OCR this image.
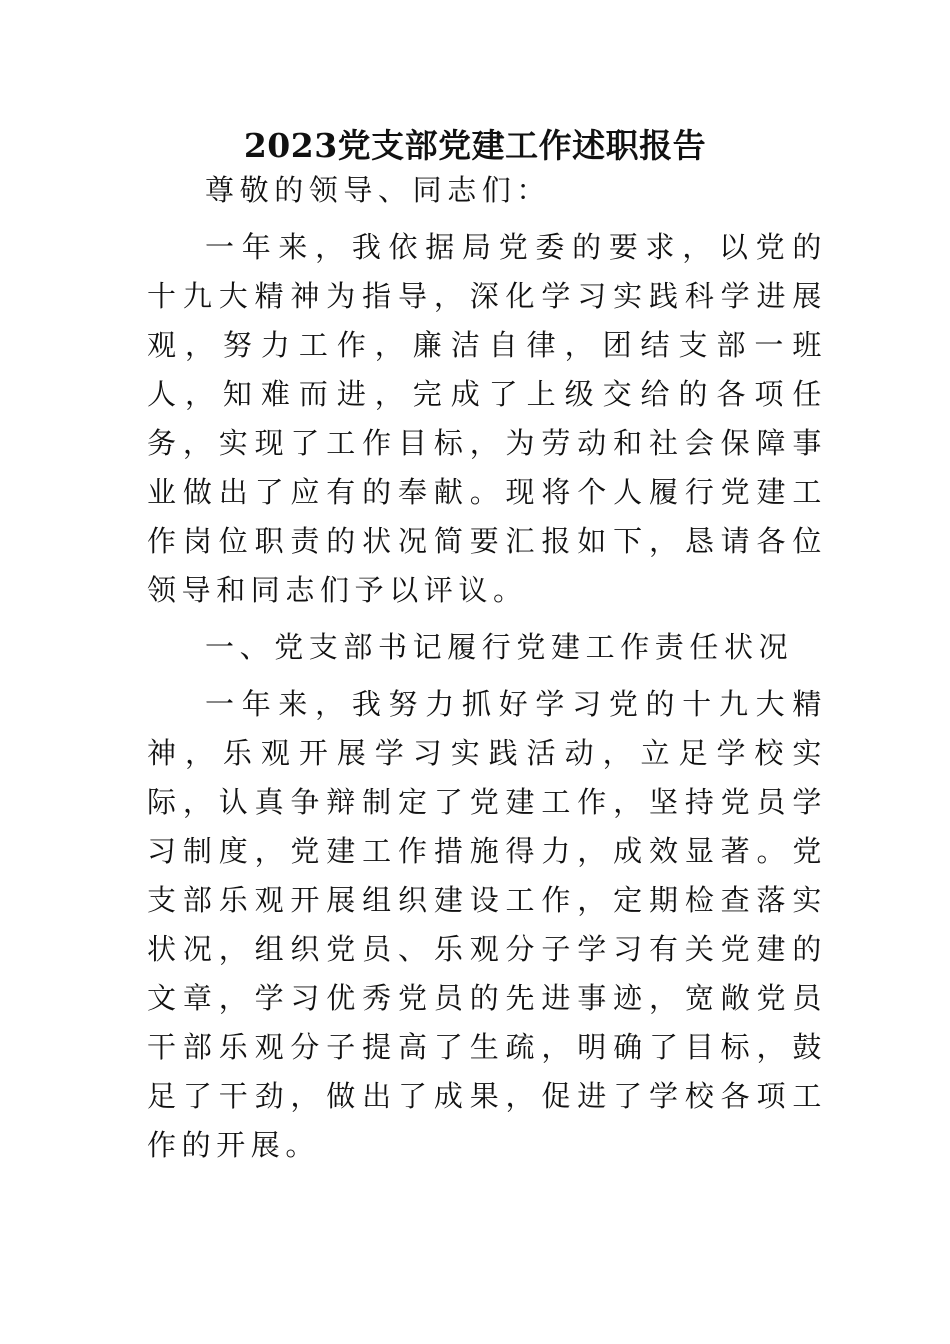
2023党支部党建工作述职报告

尊敬的领导、同志们：

一年来，我依据局党委的要求，以党的十九大精神为指导，深化学习实践科学进展观，努力工作，廉洁自律，团结支部一班人，知难而进，完成了上级交给的各项任务，实现了工作目标，为劳动和社会保障事业做出了应有的奉献。现将个人履行党建工作岗位职责的状况简要汇报如下，恳请各位领导和同志们予以评议。

一、党支部书记履行党建工作责任状况

一年来，我努力抓好学习党的十九大精神，乐观开展学习实践活动，立足学校实际，认真争辩制定了党建工作，坚持党员学习制度，党建工作措施得力，成效显著。党支部乐观开展组织建设工作，定期检查落实状况，组织党员、乐观分子学习有关党建的文章，学习优秀党员的先进事迹，宽敞党员干部乐观分子提高了生疏，明确了目标，鼓足了干劲，做出了成果，促进了学校各项工作的开展。
